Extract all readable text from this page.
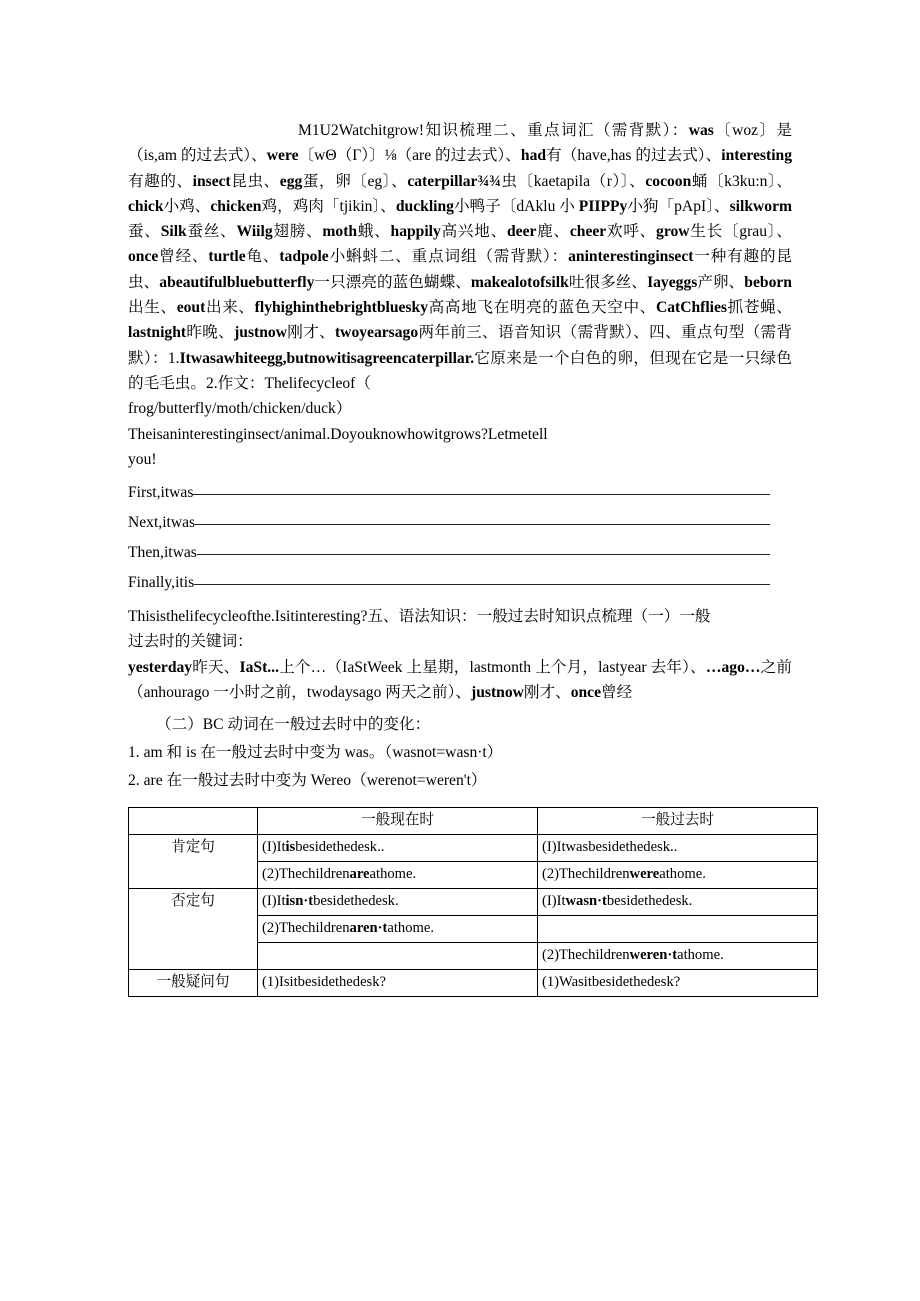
M1U2Watchitgrow!知识梳理二、重点词汇（需背默）：was〔woz〕是（is,am 的过去式）、were〔wΘ（Γ）〕⅛（are 的过去式）、had有（have,has 的过去式）、interesting有趣的、insect昆虫、egg蛋，卵〔eg〕、caterpillar¾¾虫〔kaetapila（r）〕、cocoon蛹〔k3ku:n〕、chick小鸡、chicken鸡，鸡肉「tjikin〕、duckling小鸭子〔dAklu 小 PIIPPy小狗「pApI〕、silkworm蚕、Silk蚕丝、Wiilg翅膀、moth蛾、happily高兴地、deer鹿、cheer欢呼、grow生长〔grau〕、once曾经、turtle龟、tadpole小蝌蚪二、重点词组（需背默）：aninterestinginsect一种有趣的昆虫、abeautifulbluebutterfly一只漂亮的蓝色蝴蝶、makealotofsilk吐很多丝、Iayeggs产卵、beborn出生、eout出来、flyhighinthebrightbluesky高高地飞在明亮的蓝色天空中、CatChflies抓苍蝇、lastnight昨晚、justnow刚才、twoyearsago两年前三、语音知识（需背默）、四、重点句型（需背默）：1.Itwasawhiteegg,butnowitisagreencaterpillar.它原来是一个白色的卵，但现在它是一只绿色的毛毛虫。2.作文：Thelifecycleof（

frog/butterfly/moth/chicken/duck）

Theisaninterestinginsect/animal.Doyouknowhowitgrows?Letmetell

you!

First,itwas
Next,itwas
Then,itwas
Finally,itis

Thisisthelifecycleofthe.Isitinteresting?五、语法知识：一般过去时知识点梳理（一）一般

过去时的关键词：

yesterday昨天、IaSt...上个…（IaStWeek 上星期，lastmonth 上个月，lastyear 去年）、…ago…之前（anhourago 一小时之前，twodaysago 两天之前）、justnow刚才、once曾经

（二）BC 动词在一般过去时中的变化：

1. am 和 is 在一般过去时中变为 was。（wasnot=wasn·t）

2. are 在一般过去时中变为 Wereo（werenot=weren't）

	一般现在时	一般过去时
肯定句	(I)Itisbesidethedesk..	(I)Itwasbesidethedesk..
	(2)Thechildrenareathome.	(2)Thechildrenwereathome.
否定句	(I)Itisn·tbesidethedesk.	(I)Itwasn·tbesidethedesk.
	(2)Thechildrenaren·tathome.	
		(2)Thechildrenweren·tathome.
一般疑问句	(1)Isitbesidethedesk?	(1)Wasitbesidethedesk?
